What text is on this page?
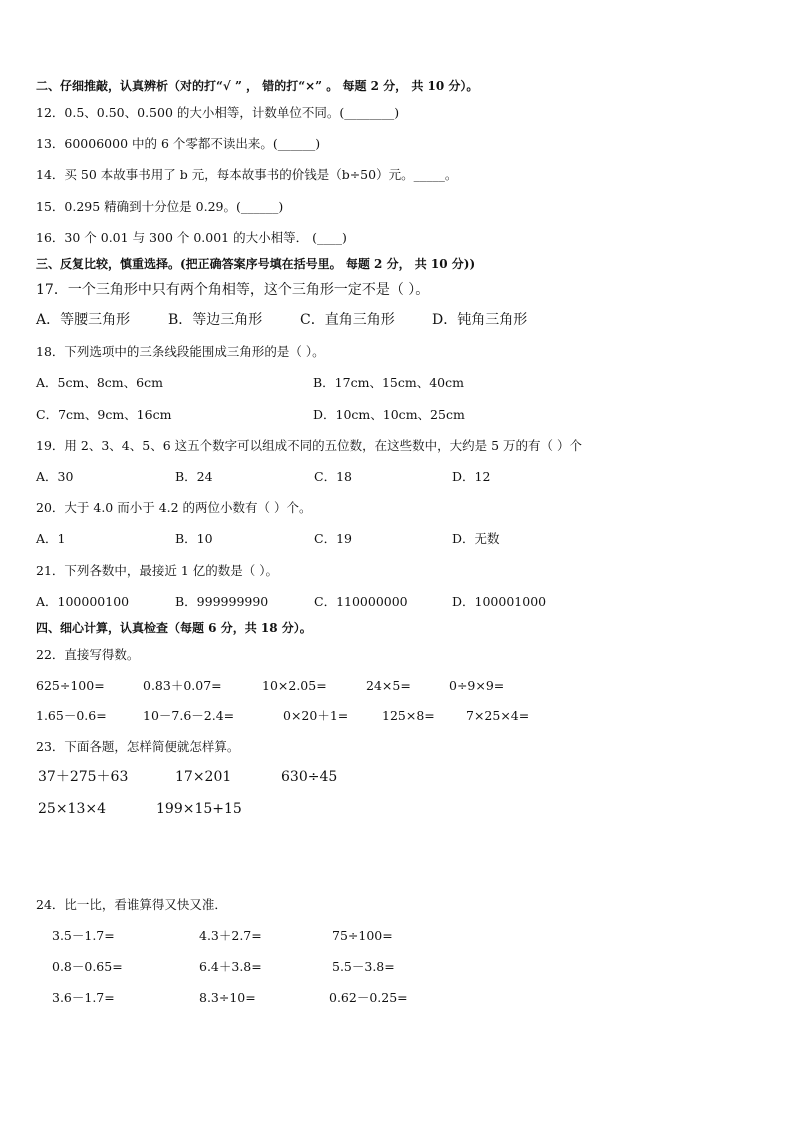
二、仔细推敲，认真辨析（对的打“√ ” ， 错的打“×” 。 每题 2 分， 共 10 分）。
12．0.5、0.50、0.500 的大小相等，计数单位不同。(________)
13．60006000 中的 6 个零都不读出来。(______)
14．买 50 本故事书用了 b 元，每本故事书的价钱是（b÷50）元。_____。
15．0.295 精确到十分位是 0.29。(______)
16．30 个 0.01 与 300 个 0.001 的大小相等． (____)
三、反复比较，慎重选择。(把正确答案序号填在括号里。 每题 2 分， 共 10 分))
17．一个三角形中只有两个角相等，这个三角形一定不是（ ）。
A．等腰三角形	B．等边三角形	C．直角三角形	D．钝角三角形
18．下列选项中的三条线段能围成三角形的是（ ）。
A．5cm、8cm、6cm	B．17cm、15cm、40cm
C．7cm、9cm、16cm	D．10cm、10cm、25cm
19．用 2、3、4、5、6 这五个数字可以组成不同的五位数，在这些数中，大约是 5 万的有（ ）个
A．30	B．24	C．18	D．12
20．大于 4.0 而小于 4.2 的两位小数有（ ）个。
A．1	B．10	C．19	D．无数
21．下列各数中，最接近 1 亿的数是（ ）。
A．100000100	B．999999990	C．110000000	D．100001000
四、细心计算，认真检查（每题 6 分，共 18 分）。
22．直接写得数。
625÷100=	0.83＋0.07=	10×2.05=	24×5=	0÷9×9=
1.65－0.6=	10－7.6－2.4=	0×20＋1=	125×8= 7×25×4=
23．下面各题，怎样简便就怎样算。
37＋275＋63	17×201	630÷45
25×13×4	199×15+15
24．比一比，看谁算得又快又准．
3.5－1.7=	4.3＋2.7=	75÷100=
0.8－0.65=	6.4＋3.8=	5.5－3.8=
3.6－1.7=	8.3÷10=	0.62－0.25=
